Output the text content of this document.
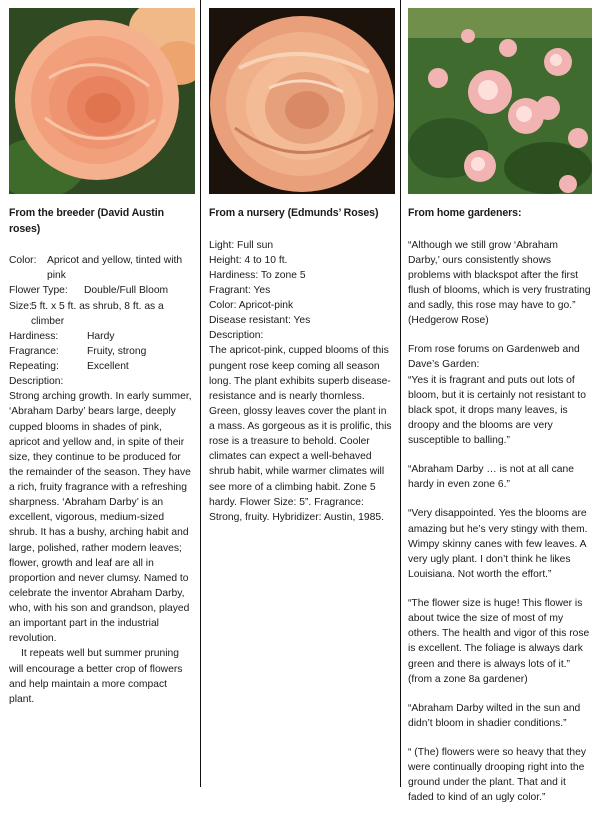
From the breeder (David Austin roses)
Color:	Apricot and yellow, tinted with pink
Flower Type:	Double/Full Bloom
Size: 5 ft. x 5 ft. as shrub, 8 ft. as a climber
Hardiness:	Hardy
Fragrance:	Fruity, strong
Repeating:	Excellent
Description:

Strong arching growth. In early summer, ‘Abraham Darby’ bears large, deeply cupped blooms in shades of pink, apricot and yellow and, in spite of their size, they continue to be produced for the remainder of the season. They have a rich, fruity fragrance with a refreshing sharpness. ‘Abraham Darby’ is an excellent, vigorous, medium-sized shrub. It has a bushy, arching habit and large, polished, rather modern leaves; flower, growth and leaf are all in proportion and never clumsy. Named to celebrate the inventor Abraham Darby, who, with his son and grandson, played an important part in the industrial revolution.

It repeats well but summer pruning will encourage a better crop of flowers and help maintain a more compact plant.

From a nursery (Edmunds’ Roses)

Light: Full sun

Height: 4 to 10 ft.

Hardiness: To zone 5

Fragrant: Yes

Color: Apricot-pink

Disease resistant: Yes

Description:

The apricot-pink, cupped blooms of this pungent rose keep coming all season long. The plant exhibits superb disease-resistance and is nearly thornless. Green, glossy leaves cover the plant in a mass. As gorgeous as it is prolific, this rose is a treasure to behold. Cooler climates can expect a well-behaved shrub habit, while warmer climates will see more of a climbing habit. Zone 5 hardy. Flower Size: 5”. Fragrance: Strong, fruity. Hybridizer: Austin, 1985.

From home gardeners:

“Although we still grow ‘Abraham Darby,’ ours consistently shows problems with blackspot after the first flush of blooms, which is very frustrating and sadly, this rose may have to go.” (Hedgerow Rose)

From rose forums on Gardenweb and Dave’s Garden:
“Yes it is fragrant and puts out lots of bloom, but it is certainly not resistant to black spot, it drops many leaves, is droopy and the blooms are very susceptible to balling.”

“Abraham Darby … is not at all cane hardy in even zone 6.”

“Very disappointed. Yes the blooms are amazing but he’s very stingy with them. Wimpy skinny canes with few leaves. A very ugly plant. I don’t think he likes Louisiana. Not worth the effort.”

“The flower size is huge! This flower is about twice the size of most of my others. The health and vigor of this rose is excellent. The foliage is always dark green and there is always lots of it.” (from a zone 8a gardener)

“Abraham Darby wilted in the sun and didn’t bloom in shadier conditions.”

“ (The) flowers were so heavy that they were continually drooping right into the ground under the plant. That and it faded to kind of an ugly color.”
